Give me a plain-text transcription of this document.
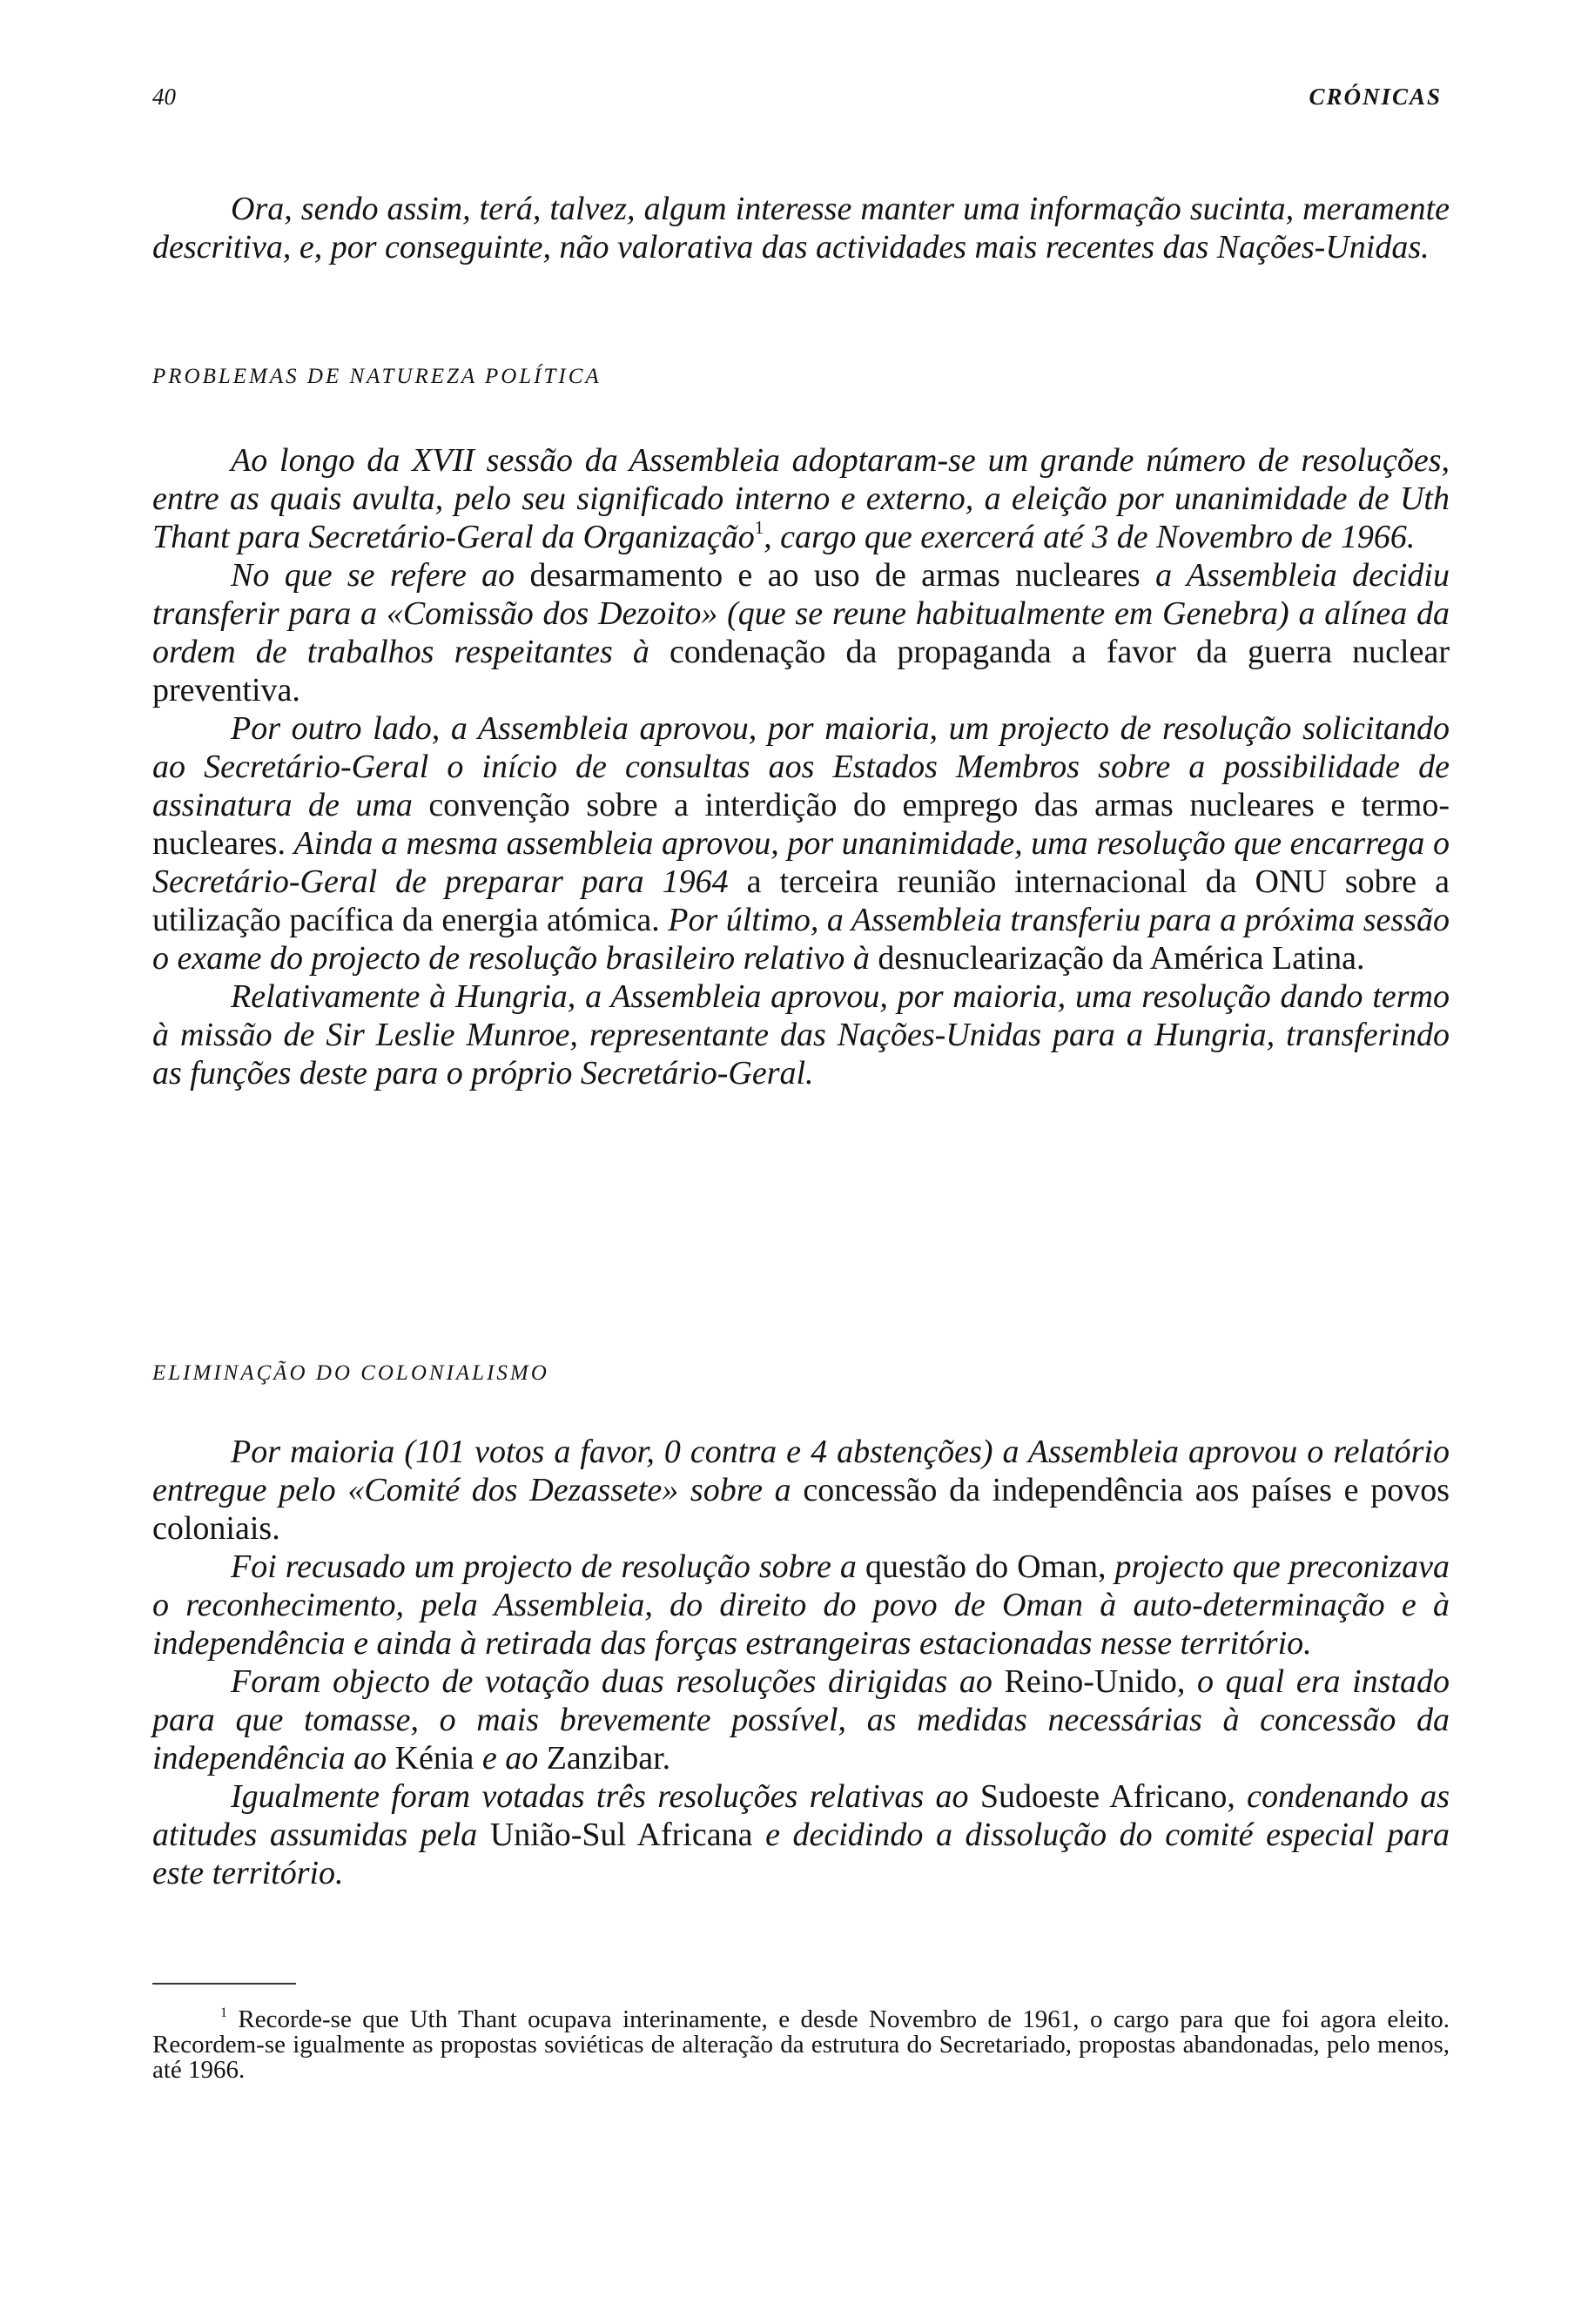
40	CRÓNICAS

Ora, sendo assim, terá, talvez, algum interesse manter uma informação sucinta, meramente descritiva, e, por conseguinte, não valorativa das actividades mais recentes das Nações-Unidas.

PROBLEMAS DE NATUREZA POLÍTICA

Ao longo da XVII sessão da Assembleia adoptaram-se um grande número de resoluções, entre as quais avulta, pelo seu significado interno e externo, a eleição por unanimidade de Uth Thant para Secretário-Geral da Organização$^1$, cargo que exercerá até 3 de Novembro de 1966.

No que se refere ao desarmamento e ao uso de armas nucleares a Assembleia decidiu transferir para a «Comissão dos Dezoito» (que se reune habitualmente em Genebra) a alínea da ordem de trabalhos respeitantes à condenação da propaganda a favor da guerra nuclear preventiva.

Por outro lado, a Assembleia aprovou, por maioria, um projecto de resolução solicitando ao Secretário-Geral o início de consultas aos Estados Membros sobre a possibilidade de assinatura de uma convenção sobre a interdição do emprego das armas nucleares e termo-nucleares. Ainda a mesma assembleia aprovou, por unanimidade, uma resolução que encarrega o Secretário-Geral de preparar para 1964 a terceira reunião internacional da ONU sobre a utilização pacífica da energia atómica. Por último, a Assembleia transferiu para a próxima sessão o exame do projecto de resolução brasileiro relativo à desnuclearização da América Latina.

Relativamente à Hungria, a Assembleia aprovou, por maioria, uma resolução dando termo à missão de Sir Leslie Munroe, representante das Nações-Unidas para a Hungria, transferindo as funções deste para o próprio Secretário-Geral.

ELIMINAÇÃO DO COLONIALISMO

Por maioria (101 votos a favor, 0 contra e 4 abstenções) a Assembleia aprovou o relatório entregue pelo «Comité dos Dezassete» sobre a concessão da independência aos países e povos coloniais.

Foi recusado um projecto de resolução sobre a questão do Oman, projecto que preconizava o reconhecimento, pela Assembleia, do direito do povo de Oman à auto-determinação e à independência e ainda à retirada das forças estrangeiras estacionadas nesse território.

Foram objecto de votação duas resoluções dirigidas ao Reino-Unido, o qual era instado para que tomasse, o mais brevemente possível, as medidas necessárias à concessão da independência ao Kénia e ao Zanzibar.

Igualmente foram votadas três resoluções relativas ao Sudoeste Africano, condenando as atitudes assumidas pela União-Sul Africana e decidindo a dissolução do comité especial para este território.

$^1$ Recorde-se que Uth Thant ocupava interinamente, e desde Novembro de 1961, o cargo para que foi agora eleito. Recordem-se igualmente as propostas soviéticas de alteração da estrutura do Secretariado, propostas abandonadas, pelo menos, até 1966.
